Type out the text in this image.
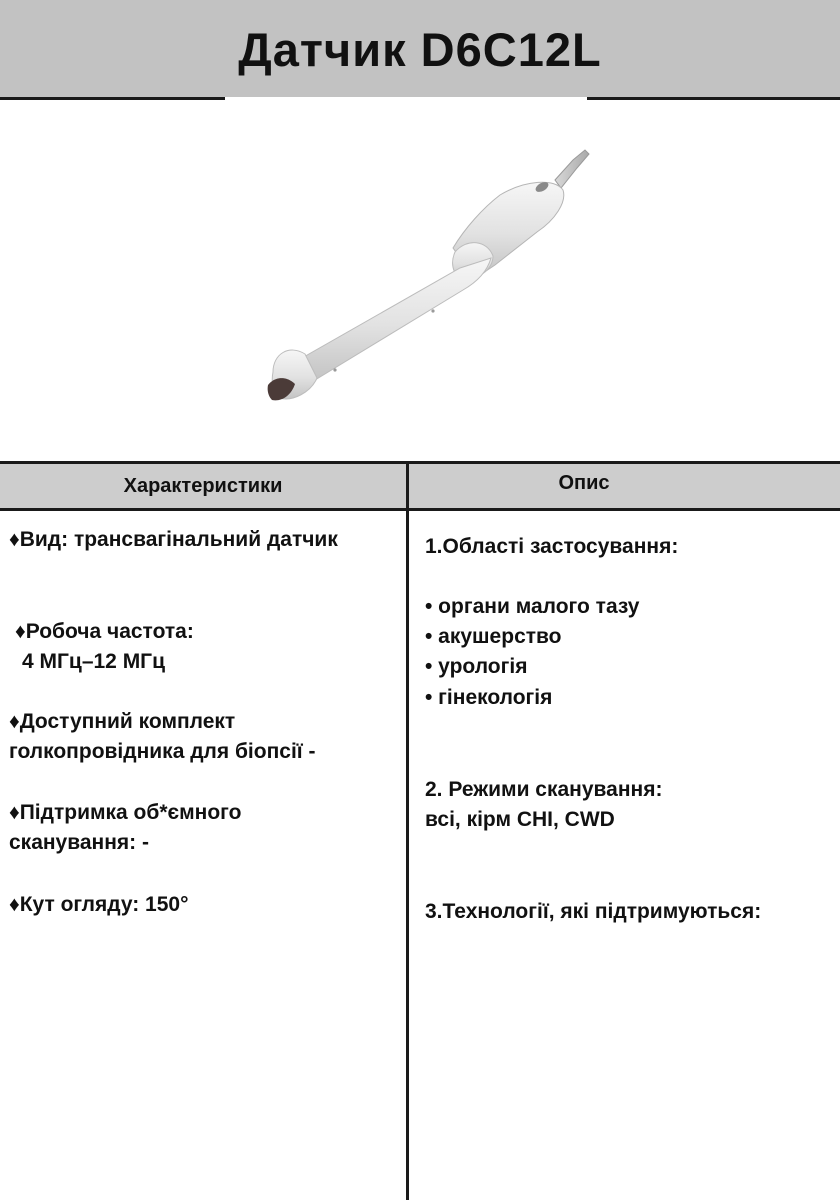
Датчик D6C12L
Характеристики	Опис
♦Вид: трансвагінальний датчик
♦Робоча частота:
4 МГц–12 МГц
♦Доступний комплект
голкопровідника для біопсії -
♦Підтримка об*ємного
сканування: -
♦Кут огляду: 150°
1.Області застосування:
• органи малого тазу
• акушерство
• урологія
• гінекологія
2. Режими сканування:
всі, кірм CHI, CWD
3.Технології, які підтримуються:
